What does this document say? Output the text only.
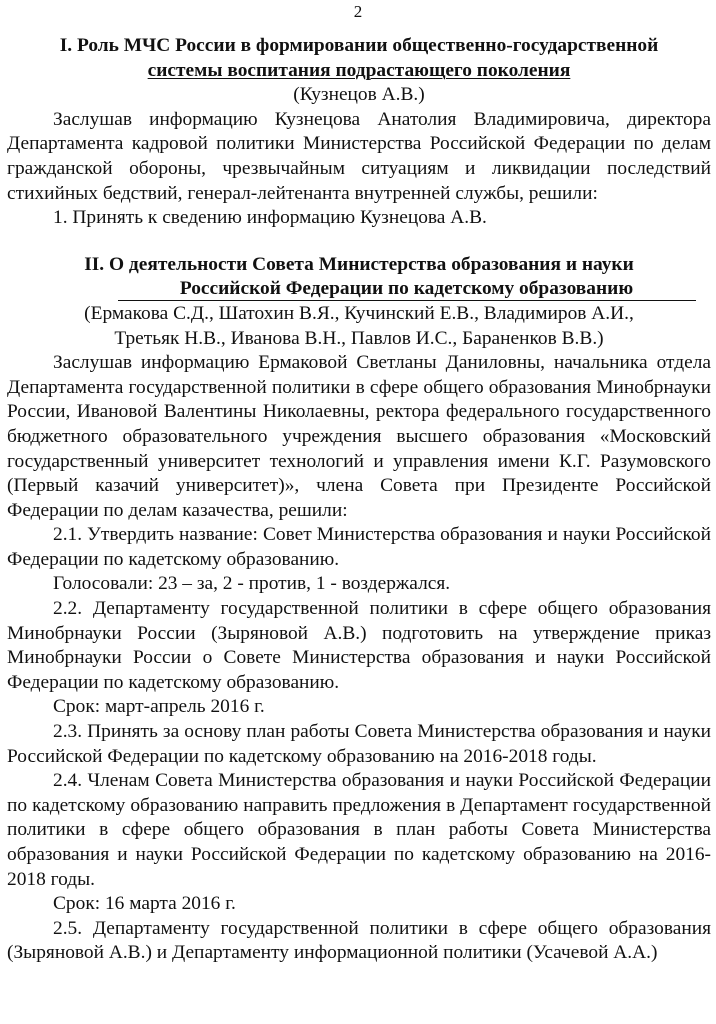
2
I. Роль МЧС России в формировании общественно-государственной
системы воспитания подрастающего поколения
(Кузнецов А.В.)

Заслушав информацию Кузнецова Анатолия Владимировича, директора Департамента кадровой политики Министерства Российской Федерации по делам гражданской обороны, чрезвычайным ситуациям и ликвидации последствий стихийных бедствий, генерал-лейтенанта внутренней службы, решили:

1. Принять к сведению информацию Кузнецова А.В.

II. О деятельности Совета Министерства образования и науки
Российской Федерации по кадетскому образованию
(Ермакова С.Д., Шатохин В.Я., Кучинский Е.В., Владимиров А.И.,
Третьяк Н.В., Иванова В.Н., Павлов И.С., Бараненков В.В.)

Заслушав информацию Ермаковой Светланы Даниловны, начальника отдела Департамента государственной политики в сфере общего образования Минобрнауки России, Ивановой Валентины Николаевны, ректора федерального государственного бюджетного образовательного учреждения высшего образования «Московский государственный университет технологий и управления имени К.Г. Разумовского (Первый казачий университет)», члена Совета при Президенте Российской Федерации по делам казачества, решили:

2.1. Утвердить название: Совет Министерства образования и науки Российской Федерации по кадетскому образованию.

Голосовали: 23 – за, 2 - против, 1 - воздержался.

2.2. Департаменту государственной политики в сфере общего образования Минобрнауки России (Зыряновой А.В.) подготовить на утверждение приказ Минобрнауки России о Совете Министерства образования и науки Российской Федерации по кадетскому образованию.

Срок: март-апрель 2016 г.

2.3. Принять за основу план работы Совета Министерства образования и науки Российской Федерации по кадетскому образованию на 2016-2018 годы.

2.4. Членам Совета Министерства образования и науки Российской Федерации по кадетскому образованию направить предложения в Департамент государственной политики в сфере общего образования в план работы Совета Министерства образования и науки Российской Федерации по кадетскому образованию на 2016-2018 годы.

Срок: 16 марта 2016 г.

2.5. Департаменту государственной политики в сфере общего образования (Зыряновой А.В.) и Департаменту информационной политики (Усачевой А.А.)
